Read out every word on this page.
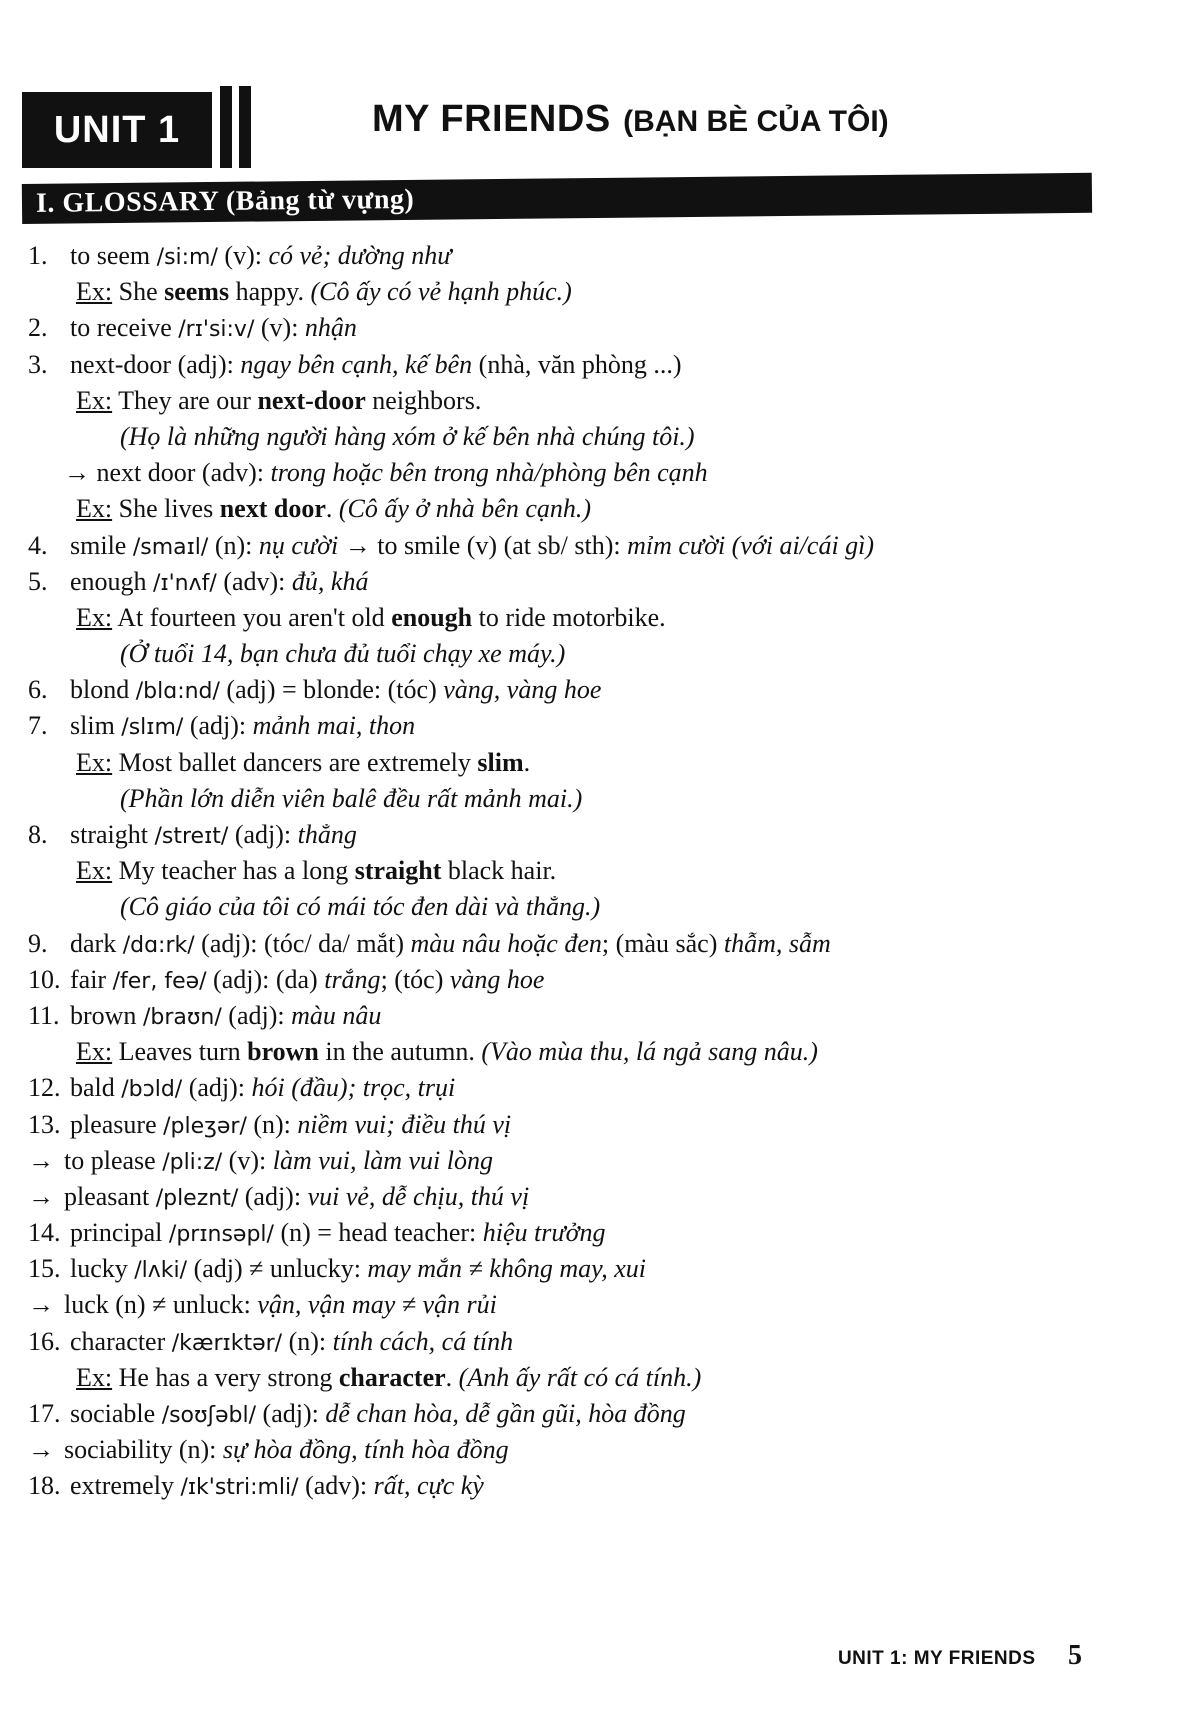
UNIT 1	MY FRIENDS (BẠN BÈ CỦA TÔI)
I. GLOSSARY (Bảng từ vựng)
1. to seem /si:m/ (v): có vẻ; dường như
Ex: She seems happy. (Cô ấy có vẻ hạnh phúc.)
2. to receive /rɪ'si:v/ (v): nhận
3. next-door (adj): ngay bên cạnh, kế bên (nhà, văn phòng ...)
Ex: They are our next-door neighbors.
(Họ là những người hàng xóm ở kế bên nhà chúng tôi.)
→ next door (adv): trong hoặc bên trong nhà/phòng bên cạnh
Ex: She lives next door. (Cô ấy ở nhà bên cạnh.)
4. smile /smaɪl/ (n): nụ cười → to smile (v) (at sb/ sth): mỉm cười (với ai/cái gì)
5. enough /ɪ'nʌf/ (adv): đủ, khá
Ex: At fourteen you aren't old enough to ride motorbike.
(Ở tuổi 14, bạn chưa đủ tuổi chạy xe máy.)
6. blond /blɑ:nd/ (adj) = blonde: (tóc) vàng, vàng hoe
7. slim /slɪm/ (adj): mảnh mai, thon
Ex: Most ballet dancers are extremely slim.
(Phần lớn diễn viên balê đều rất mảnh mai.)
8. straight /streɪt/ (adj): thẳng
Ex: My teacher has a long straight black hair.
(Cô giáo của tôi có mái tóc đen dài và thẳng.)
9. dark /dɑ:rk/ (adj): (tóc/ da/ mắt) màu nâu hoặc đen; (màu sắc) thẫm, sẫm
10. fair /fer, feə/ (adj): (da) trắng; (tóc) vàng hoe
11. brown /braʊn/ (adj): màu nâu
Ex: Leaves turn brown in the autumn. (Vào mùa thu, lá ngả sang nâu.)
12. bald /bɔld/ (adj): hói (đầu); trọc, trụi
13. pleasure /pleʒər/ (n): niềm vui; điều thú vị
→ to please /pli:z/ (v): làm vui, làm vui lòng
→ pleasant /pleznt/ (adj): vui vẻ, dễ chịu, thú vị
14. principal /prɪnsəpl/ (n) = head teacher: hiệu trưởng
15. lucky /lʌki/ (adj) ≠ unlucky: may mắn ≠ không may, xui
→ luck (n) ≠ unluck: vận, vận may ≠ vận rủi
16. character /kærɪktər/ (n): tính cách, cá tính
Ex: He has a very strong character. (Anh ấy rất có cá tính.)
17. sociable /soʊʃəbl/ (adj): dễ chan hòa, dễ gần gũi, hòa đồng
→ sociability (n): sự hòa đồng, tính hòa đồng
18. extremely /ɪk'stri:mli/ (adv): rất, cực kỳ
UNIT 1: MY FRIENDS 5
